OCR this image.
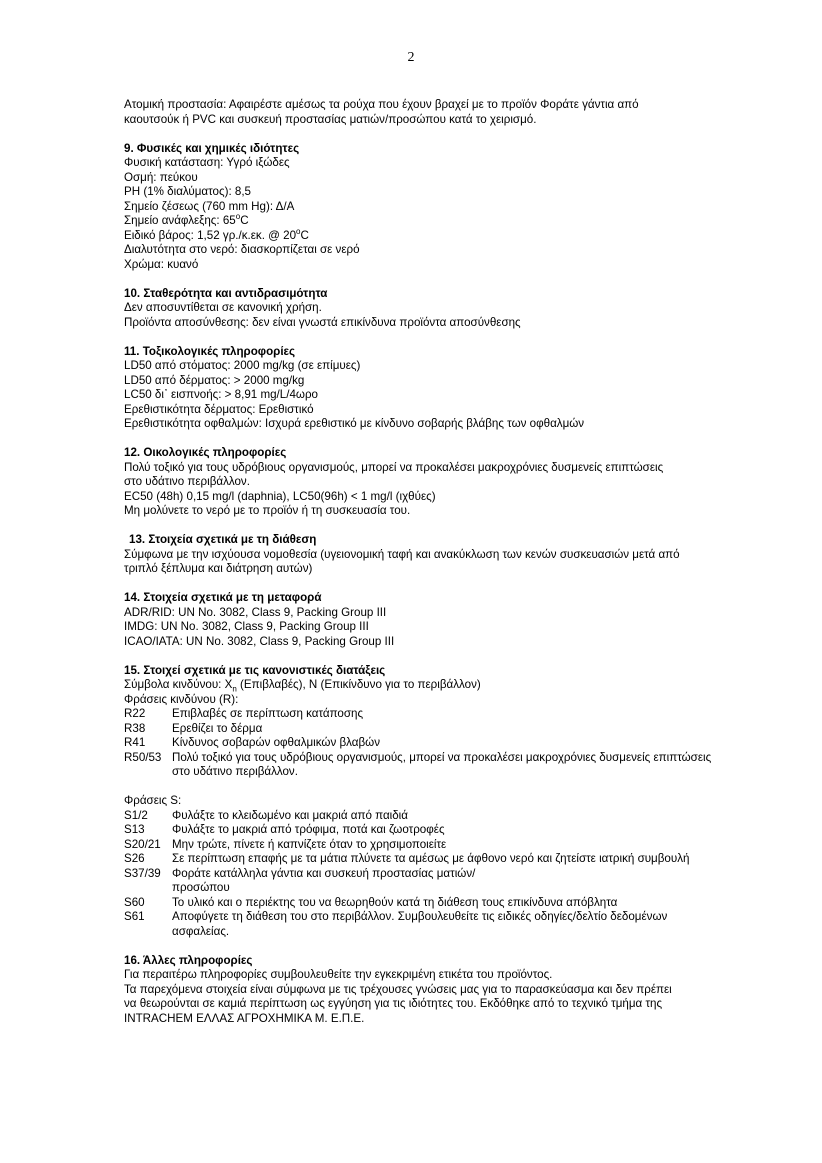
2

Ατομική προστασία: Αφαιρέστε αμέσως τα ρούχα που έχουν βραχεί με το προϊόν Φοράτε γάντια από

καουτσούκ ή PVC και συσκευή προστασίας ματιών/προσώπου κατά το χειρισμό.

9. Φυσικές και χημικές ιδιότητες

Φυσική κατάσταση: Υγρό ιξώδες

Οσμή: πεύκου

PH (1% διαλύματος): 8,5

Σημείο ζέσεως (760 mm Hg): Δ/Α

Σημείο ανάφλεξης: 65$^o$C

Ειδικό βάρος: 1,52 γρ./κ.εκ. @ 20$^o$C

Διαλυτότητα στο νερό: διασκορπίζεται σε νερό

Χρώμα: κυανό

10. Σταθερότητα και αντιδρασιμότητα

Δεν αποσυντίθεται σε κανονική χρήση.

Προϊόντα αποσύνθεσης: δεν είναι γνωστά επικίνδυνα προϊόντα αποσύνθεσης

11. Τοξικολογικές πληροφορίες

LD50 από στόματος: 2000 mg/kg (σε επίμυες)

LD50 από δέρματος: > 2000 mg/kg

LC50 δι᾽ εισπνοής: > 8,91 mg/L/4ωρο

Ερεθιστικότητα δέρματος: Ερεθιστικό

Ερεθιστικότητα οφθαλμών: Ισχυρά ερεθιστικό με κίνδυνο σοβαρής βλάβης των οφθαλμών

12. Οικολογικές πληροφορίες

Πολύ τοξικό για τους υδρόβιους οργανισμούς, μπορεί να προκαλέσει μακροχρόνιες δυσμενείς επιπτώσεις

στο υδάτινο περιβάλλον.

EC50 (48h) 0,15 mg/l (daphnia), LC50(96h) < 1 mg/l (ιχθύες)

Μη μολύνετε το νερό με το προϊόν ή τη συσκευασία του.

13. Στοιχεία σχετικά με τη διάθεση

Σύμφωνα με την ισχύουσα νομοθεσία (υγειονομική ταφή και ανακύκλωση των κενών συσκευασιών μετά από

τριπλό ξέπλυμα και διάτρηση αυτών)

14. Στοιχεία σχετικά με τη μεταφορά

ADR/RID: UN No. 3082, Class 9, Packing Group III

IMDG: UN No. 3082, Class 9, Packing Group III

ICAO/IATA: UN No. 3082, Class 9, Packing Group III

15. Στοιχεί σχετικά με τις κανονιστικές διατάξεις

Σύμβολα κινδύνου: $X_n$ (Επιβλαβές), Ν (Επικίνδυνο για το περιβάλλον)

Φράσεις κινδύνου (R):

R22	Επιβλαβές σε περίπτωση κατάποσης
R38	Ερεθίζει το δέρμα
R41	Κίνδυνος σοβαρών οφθαλμικών βλαβών
R50/53 Πολύ τοξικό για τους υδρόβιους οργανισμούς, μπορεί να προκαλέσει μακροχρόνιες δυσμενείς επιπτώσεις στο υδάτινο περιβάλλον.

Φράσεις S:

S1/2	Φυλάξτε το κλειδωμένο και μακριά από παιδιά
S13	Φυλάξτε το μακριά από τρόφιμα, ποτά και ζωοτροφές
S20/21 Μην τρώτε, πίνετε ή καπνίζετε όταν το χρησιμοποιείτε
S26	Σε περίπτωση επαφής με τα μάτια πλύνετε τα αμέσως με άφθονο νερό και ζητείστε ιατρική συμβουλή
S37/39 Φοράτε κατάλληλα γάντια και συσκευή προστασίας ματιών/προσώπου
S60	Το υλικό και ο περιέκτης του να θεωρηθούν κατά τη διάθεση τους επικίνδυνα απόβλητα
S61	Αποφύγετε τη διάθεση του στο περιβάλλον. Συμβουλευθείτε τις ειδικές οδηγίες/δελτίο δεδομένων ασφαλείας.

16. Άλλες πληροφορίες

Για περαιτέρω πληροφορίες συμβουλευθείτε την εγκεκριμένη ετικέτα του προϊόντος.

Τα παρεχόμενα στοιχεία είναι σύμφωνα με τις τρέχουσες γνώσεις μας για το παρασκεύασμα και δεν πρέπει

να θεωρούνται σε καμιά περίπτωση ως εγγύηση για τις ιδιότητες του. Εκδόθηκε από το τεχνικό τμήμα της

INTRACHEM ΕΛΛΑΣ ΑΓΡΟΧΗΜΙΚΑ Μ. Ε.Π.Ε.
